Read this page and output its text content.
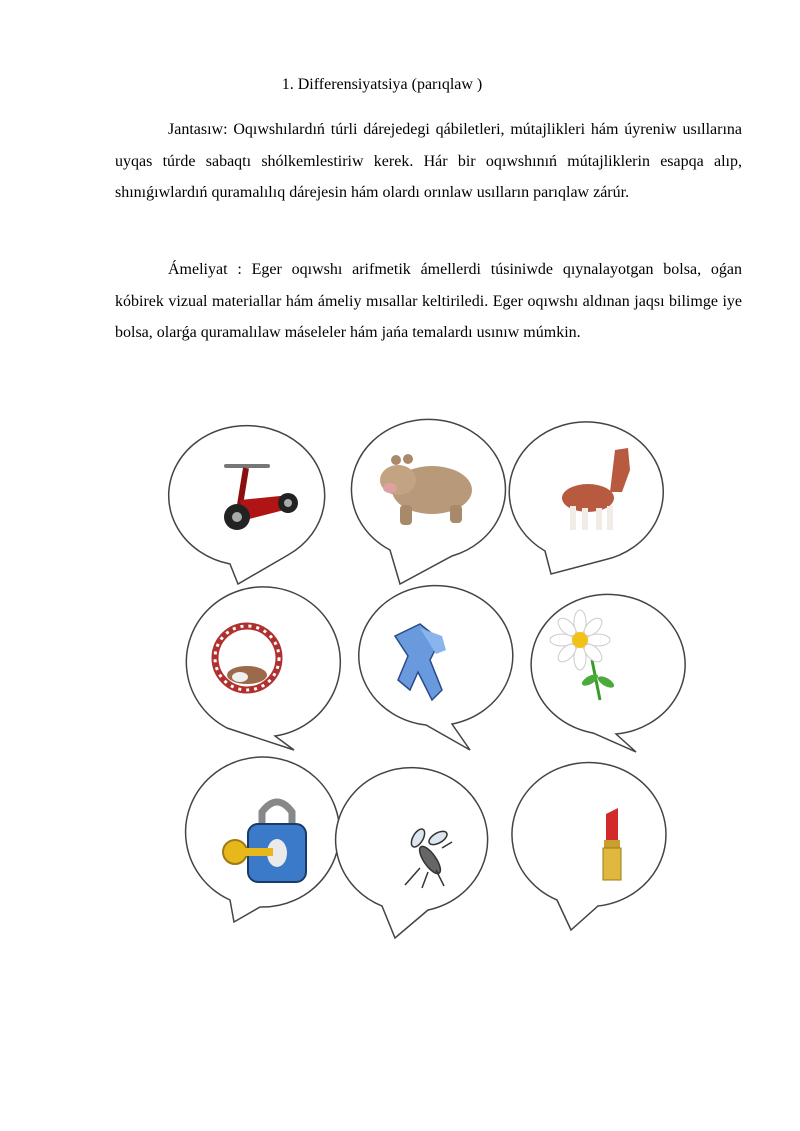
1. Differensiyatsiya (parıqlaw )

Jantasıw: Oqıwshılardıń túrli dárejedegi qábiletleri, mútajlikleri hám úyreniw usıllarına uyqas túrde sabaqtı shólkemlestiriw kerek. Hár bir oqıwshınıń mútajliklerin esapqa alıp, shınıǵıwlardıń quramalılıq dárejesin hám olardı orınlaw usılların parıqlaw zárúr.

Ámeliyat : Eger oqıwshı arifmetik ámellerdi túsiniwde qıynalayotgan bolsa, oǵan kóbirek vizual materiallar hám ámeliy mısallar keltiriledi. Eger oqıwshı aldınan jaqsı bilimge iye bolsa, olarǵa quramalılaw máseleler hám jańa temalardı usınıw múmkin.
